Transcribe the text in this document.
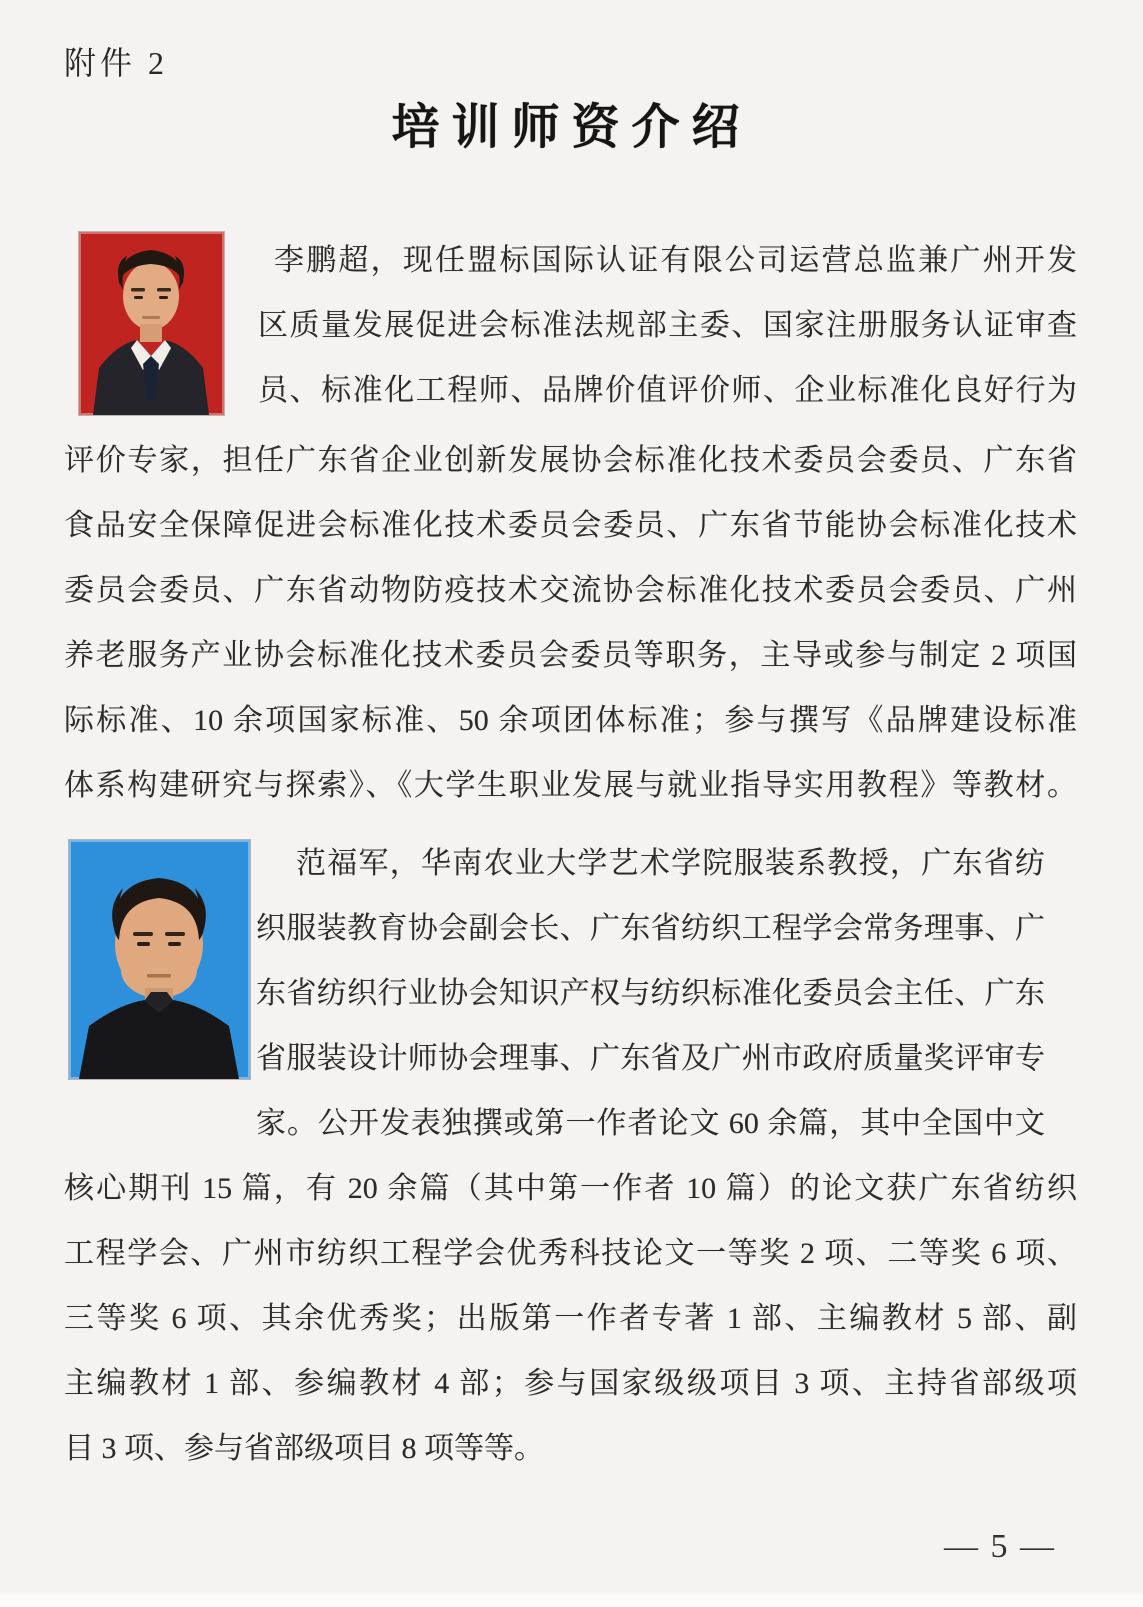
附件 2
培训师资介绍
李鹏超，现任盟标国际认证有限公司运营总监兼广州开发
区质量发展促进会标准法规部主委、国家注册服务认证审查
员、标准化工程师、品牌价值评价师、企业标准化良好行为
评价专家，担任广东省企业创新发展协会标准化技术委员会委员、广东省
食品安全保障促进会标准化技术委员会委员、广东省节能协会标准化技术
委员会委员、广东省动物防疫技术交流协会标准化技术委员会委员、广州
养老服务产业协会标准化技术委员会委员等职务，主导或参与制定 2 项国
际标准、10 余项国家标准、50 余项团体标准；参与撰写《品牌建设标准
体系构建研究与探索》、《大学生职业发展与就业指导实用教程》等教材。
范福军，华南农业大学艺术学院服装系教授，广东省纺
织服装教育协会副会长、广东省纺织工程学会常务理事、广
东省纺织行业协会知识产权与纺织标准化委员会主任、广东
省服装设计师协会理事、广东省及广州市政府质量奖评审专
家。公开发表独撰或第一作者论文 60 余篇，其中全国中文
核心期刊 15 篇，有 20 余篇（其中第一作者 10 篇）的论文获广东省纺织
工程学会、广州市纺织工程学会优秀科技论文一等奖 2 项、二等奖 6 项、
三等奖 6 项、其余优秀奖；出版第一作者专著 1 部、主编教材 5 部、副
主编教材 1 部、参编教材 4 部；参与国家级级项目 3 项、主持省部级项
目 3 项、参与省部级项目 8 项等等。
— 5 —
